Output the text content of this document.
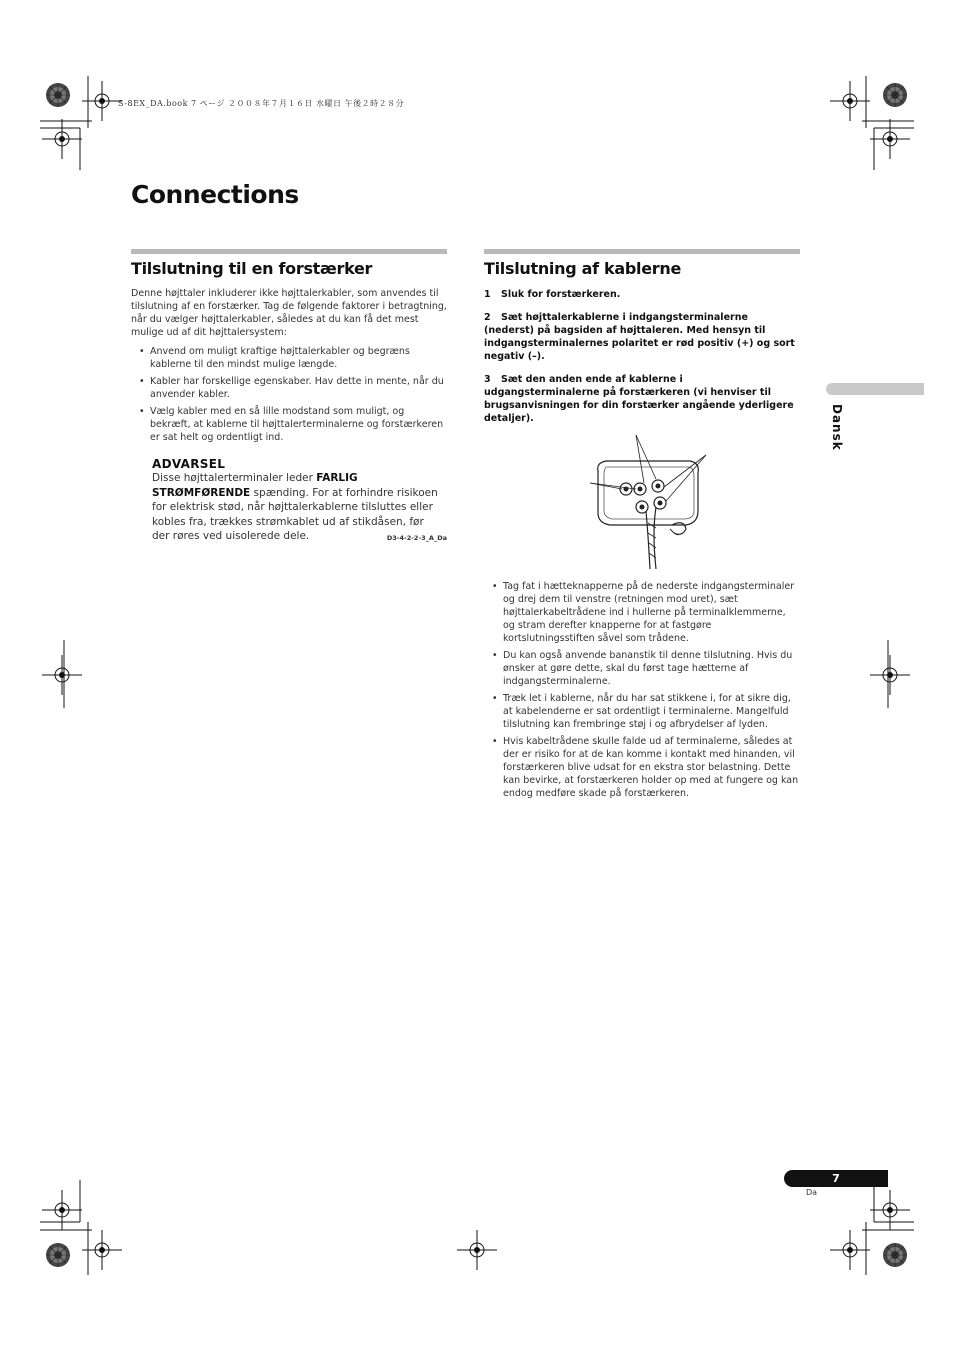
S-8EX_DA.book 7 ページ ２００８年７月１６日 水曜日 午後２時２８分
Connections
Tilslutning til en forstærker
Denne højttaler inkluderer ikke højttalerkabler, som anvendes til tilslutning af en forstærker. Tag de følgende faktorer i betragtning, når du vælger højttalerkabler, således at du kan få det mest mulige ud af dit højttalersystem:
• Anvend om muligt kraftige højttalerkabler og begræns kablerne til den mindst mulige længde.
• Kabler har forskellige egenskaber. Hav dette in mente, når du anvender kabler.
• Vælg kabler med en så lille modstand som muligt, og bekræft, at kablerne til højttalerterminalerne og forstærkeren er sat helt og ordentligt ind.
ADVARSEL
Disse højttalerterminaler leder FARLIG STRØMFØRENDE spænding. For at forhindre risikoen for elektrisk stød, når højttalerkablerne tilsluttes eller kobles fra, trækkes strømkablet ud af stikdåsen, før der røres ved uisolerede dele.	D3-4-2-2-3_A_Da
Tilslutning af kablerne

1 Sluk for forstærkeren.

2 Sæt højttalerkablerne i indgangsterminalerne (nederst) på bagsiden af højttaleren. Med hensyn til indgangsterminalernes polaritet er rød positiv (+) og sort negativ (–).

3 Sæt den anden ende af kablerne i udgangsterminalerne på forstærkeren (vi henviser til brugsanvisningen for din forstærker angående yderligere detaljer).

• Tag fat i hætteknapperne på de nederste indgangsterminaler og drej dem til venstre (retningen mod uret), sæt højttalerkabeltrådene ind i hullerne på terminalklemmerne, og stram derefter knapperne for at fastgøre kortslutningsstiften såvel som trådene.
• Du kan også anvende bananstik til denne tilslutning. Hvis du ønsker at gøre dette, skal du først tage hætterne af indgangsterminalerne.
• Træk let i kablerne, når du har sat stikkene i, for at sikre dig, at kabelenderne er sat ordentligt i terminalerne. Mangelfuld tilslutning kan frembringe støj i og afbrydelser af lyden.
• Hvis kabeltrådene skulle falde ud af terminalerne, således at der er risiko for at de kan komme i kontakt med hinanden, vil forstærkeren blive udsat for en ekstra stor belastning. Dette kan bevirke, at forstærkeren holder op med at fungere og kan endog medføre skade på forstærkeren.
Dansk
7
Da
